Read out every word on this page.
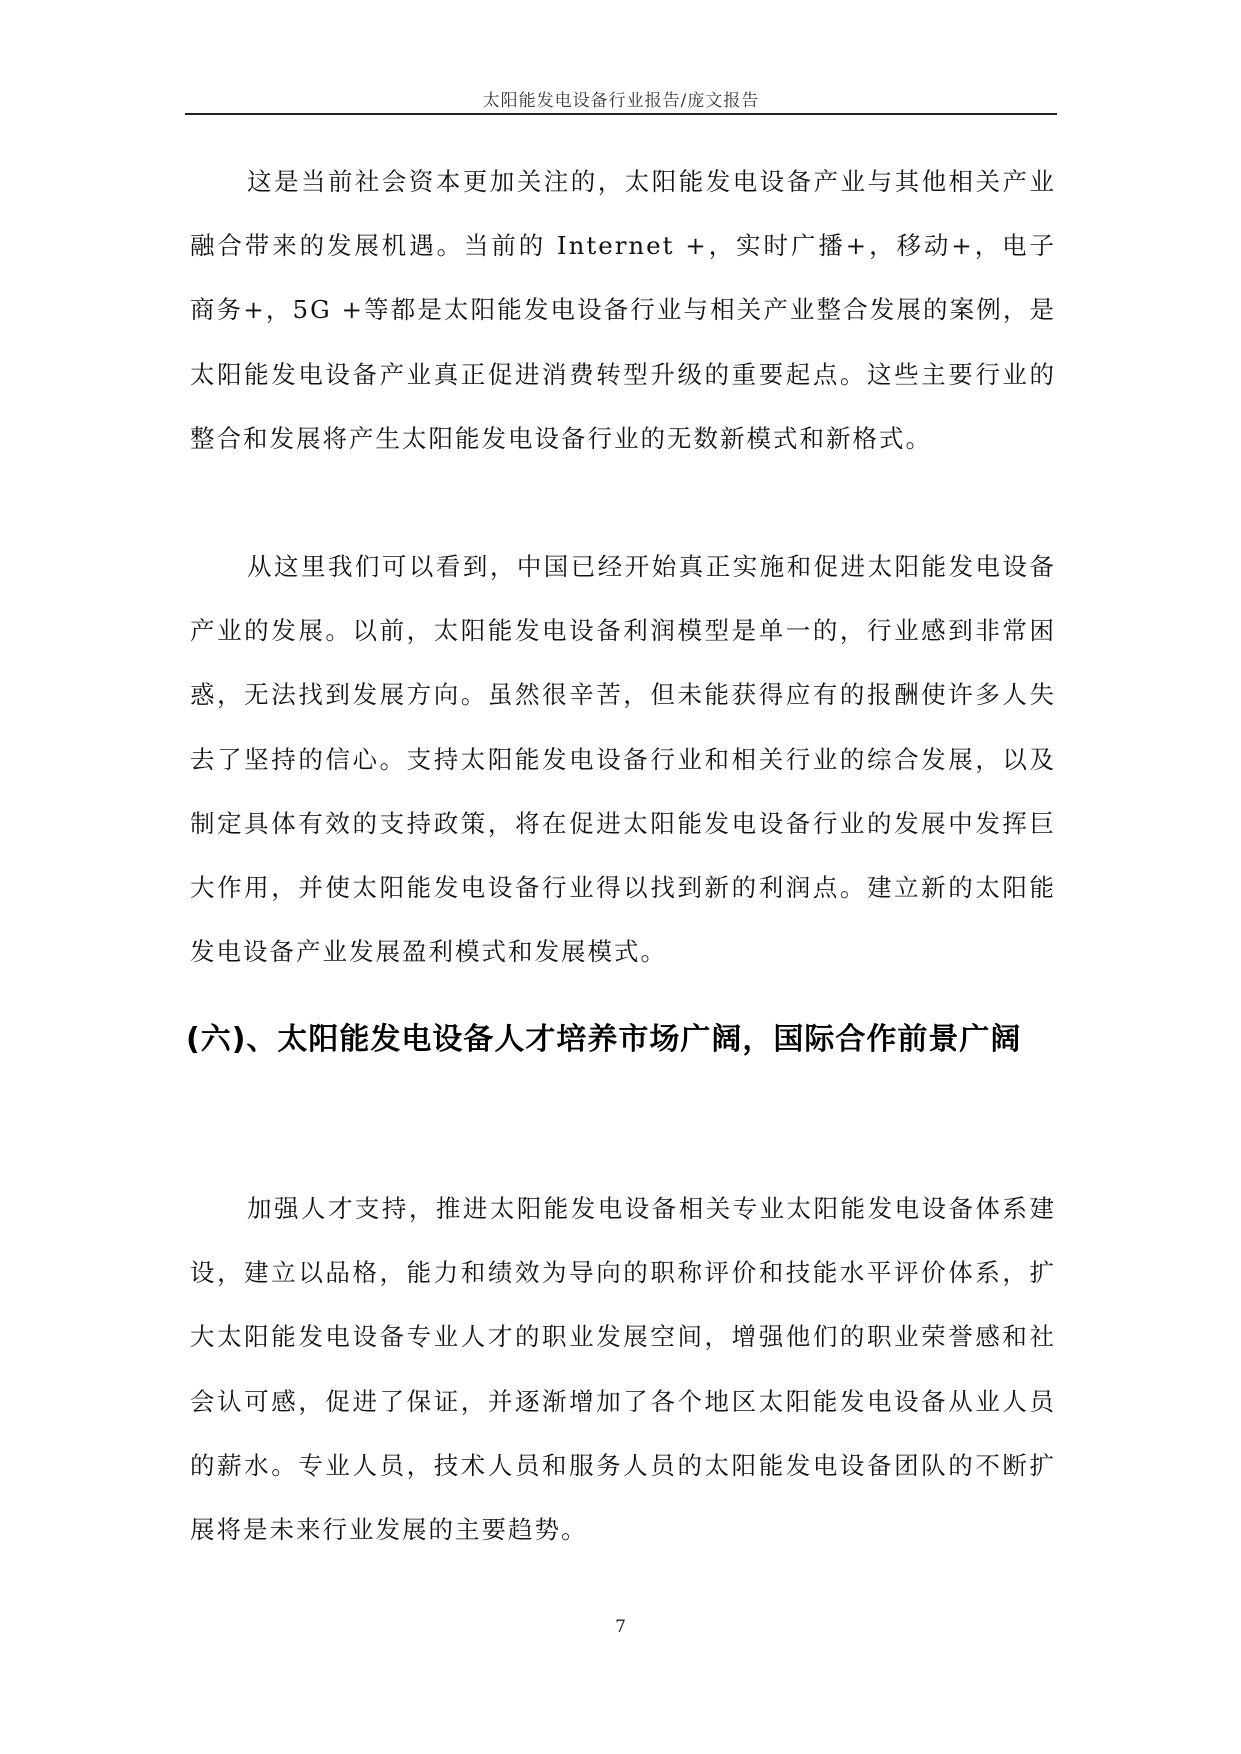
太阳能发电设备行业报告/庞文报告

这是当前社会资本更加关注的，太阳能发电设备产业与其他相关产业融合带来的发展机遇。当前的 Internet +，实时广播+，移动+，电子商务+，5G +等都是太阳能发电设备行业与相关产业整合发展的案例，是太阳能发电设备产业真正促进消费转型升级的重要起点。这些主要行业的整合和发展将产生太阳能发电设备行业的无数新模式和新格式。

从这里我们可以看到，中国已经开始真正实施和促进太阳能发电设备产业的发展。以前，太阳能发电设备利润模型是单一的，行业感到非常困惑，无法找到发展方向。虽然很辛苦，但未能获得应有的报酬使许多人失去了坚持的信心。支持太阳能发电设备行业和相关行业的综合发展，以及制定具体有效的支持政策，将在促进太阳能发电设备行业的发展中发挥巨大作用，并使太阳能发电设备行业得以找到新的利润点。建立新的太阳能发电设备产业发展盈利模式和发展模式。

(六)、太阳能发电设备人才培养市场广阔，国际合作前景广阔

加强人才支持，推进太阳能发电设备相关专业太阳能发电设备体系建设，建立以品格，能力和绩效为导向的职称评价和技能水平评价体系，扩大太阳能发电设备专业人才的职业发展空间，增强他们的职业荣誉感和社会认可感，促进了保证，并逐渐增加了各个地区太阳能发电设备从业人员的薪水。专业人员，技术人员和服务人员的太阳能发电设备团队的不断扩展将是未来行业发展的主要趋势。

7
